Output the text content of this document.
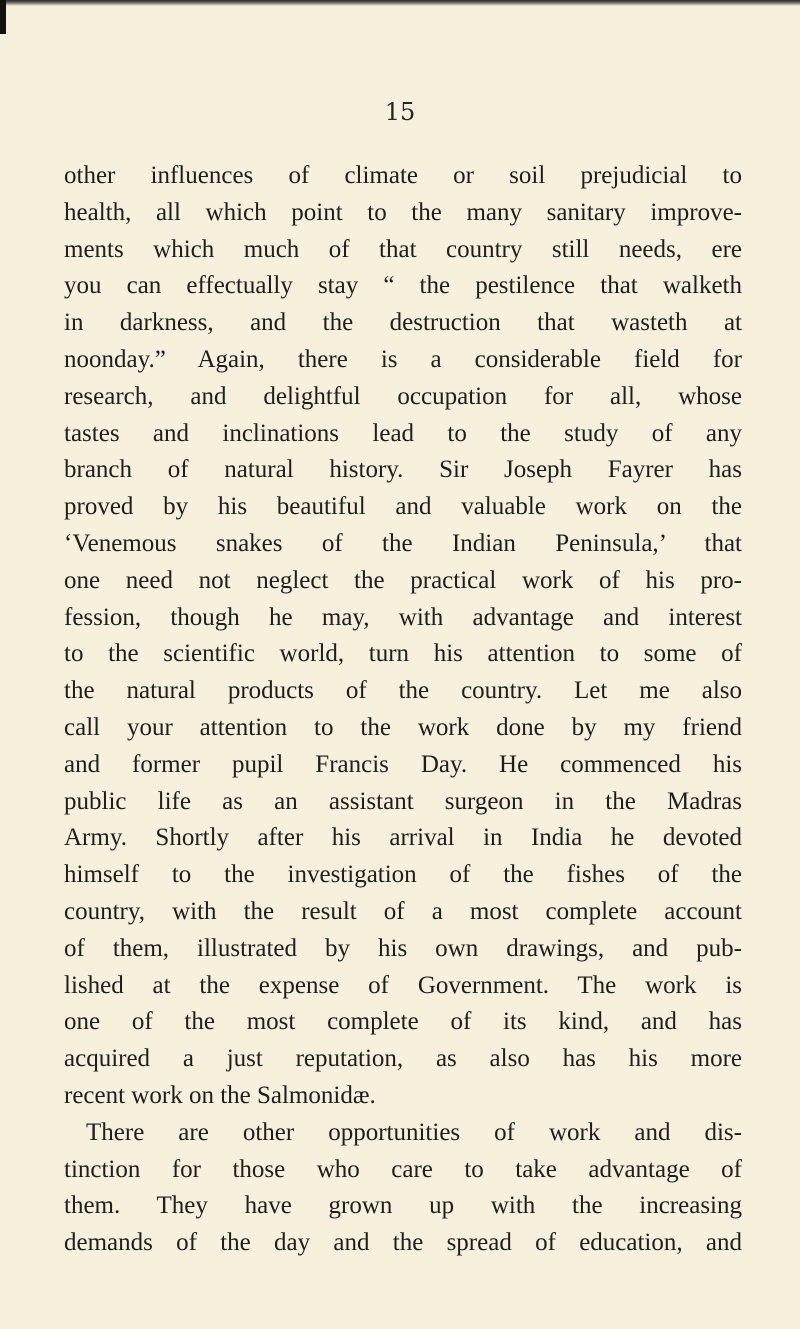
15
other influences of climate or soil prejudicial to
health, all which point to the many sanitary improve-
ments which much of that country still needs, ere
you can effectually stay “ the pestilence that walketh
in darkness, and the destruction that wasteth at
noonday.” Again, there is a considerable field for
research, and delightful occupation for all, whose
tastes and inclinations lead to the study of any
branch of natural history. Sir Joseph Fayrer has
proved by his beautiful and valuable work on the
‘Venemous snakes of the Indian Peninsula,’ that
one need not neglect the practical work of his pro-
fession, though he may, with advantage and interest
to the scientific world, turn his attention to some of
the natural products of the country. Let me also
call your attention to the work done by my friend
and former pupil Francis Day. He commenced his
public life as an assistant surgeon in the Madras
Army. Shortly after his arrival in India he devoted
himself to the investigation of the fishes of the
country, with the result of a most complete account
of them, illustrated by his own drawings, and pub-
lished at the expense of Government. The work is
one of the most complete of its kind, and has
acquired a just reputation, as also has his more
recent work on the Salmonidæ.
There are other opportunities of work and dis-
tinction for those who care to take advantage of
them. They have grown up with the increasing
demands of the day and the spread of education, and
